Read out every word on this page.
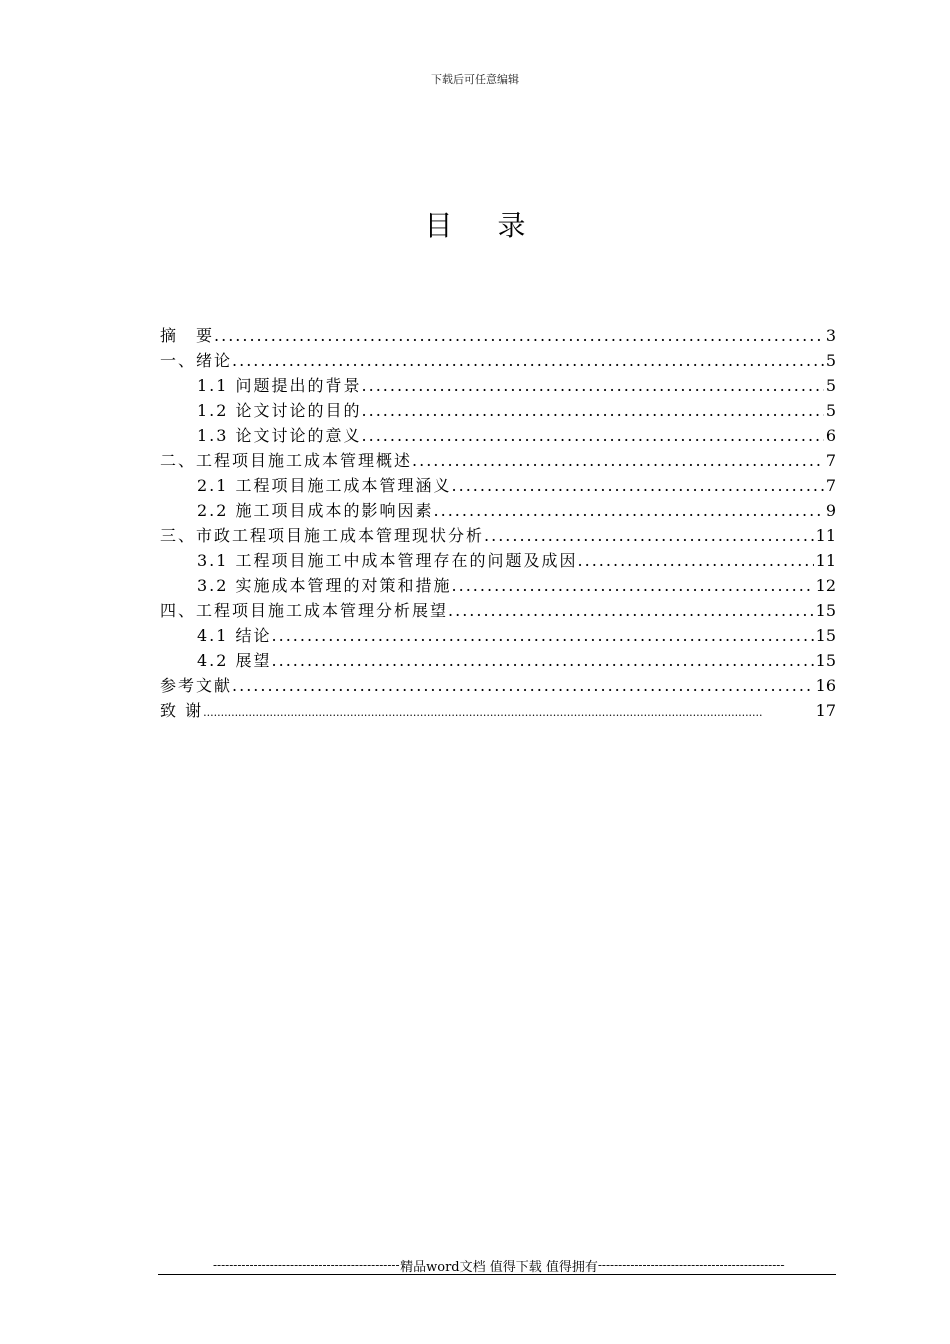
下载后可任意编辑
目 录
摘　要 .....	3
一、绪论 .....	5
1.1 问题提出的背景 .....	5
1.2 论文讨论的目的 .....	5
1.3 论文讨论的意义 .....	6
二、工程项目施工成本管理概述 .....	7
2.1 工程项目施工成本管理涵义 .....	7
2.2 施工项目成本的影响因素 .....	9
三、市政工程项目施工成本管理现状分析 .....	11
3.1 工程项目施工中成本管理存在的问题及成因 .....	11
3.2 实施成本管理的对策和措施 .....	12
四、工程项目施工成本管理分析展望 .....	15
4.1 结论 .....	15
4.2 展望 .....	15
参考文献 .....	16
致 谢 .....	17
-----
精品word文档 值得下载 值得拥有
-----
